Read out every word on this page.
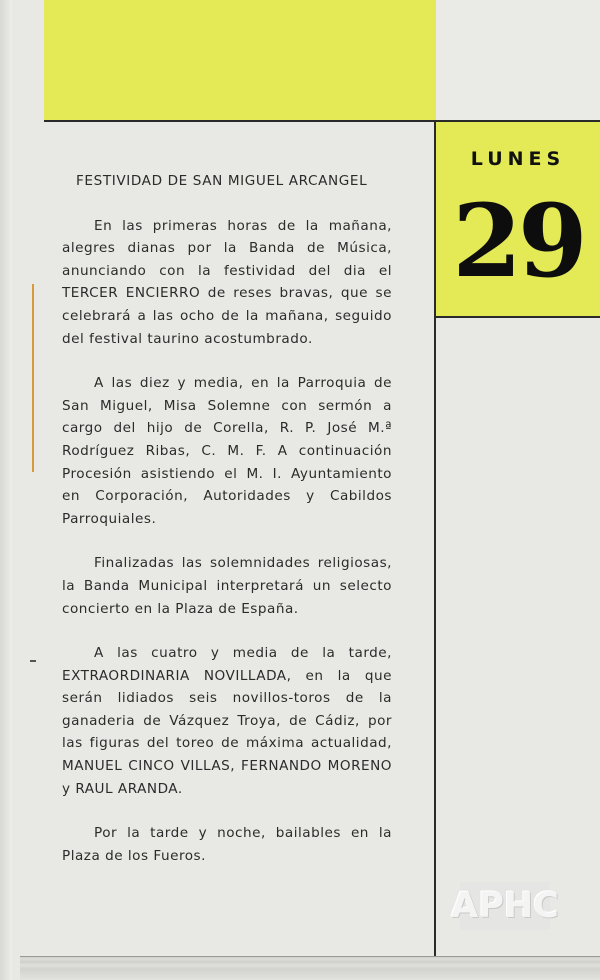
LUNES
29
FESTIVIDAD DE SAN MIGUEL ARCANGEL

En las primeras horas de la mañana, alegres dianas por la Banda de Música, anunciando con la festividad del dia el TERCER ENCIERRO de reses bravas, que se celebrará a las ocho de la mañana, seguido del festival taurino acostumbrado.

A las diez y media, en la Parroquia de San Miguel, Misa Solemne con sermón a cargo del hijo de Corella, R. P. José M.ª Rodríguez Ribas, C. M. F. A continuación Procesión asistiendo el M. I. Ayuntamiento en Corporación, Autoridades y Cabildos Parroquiales.

Finalizadas las solemnidades religiosas, la Banda Municipal interpretará un selecto concierto en la Plaza de España.

A las cuatro y media de la tarde, EXTRAORDINARIA NOVILLADA, en la que serán lidiados seis novillos-toros de la ganaderia de Vázquez Troya, de Cádiz, por las figuras del toreo de máxima actualidad, MANUEL CINCO VILLAS, FERNANDO MORENO y RAUL ARANDA.

Por la tarde y noche, bailables en la Plaza de los Fueros.

APHC
